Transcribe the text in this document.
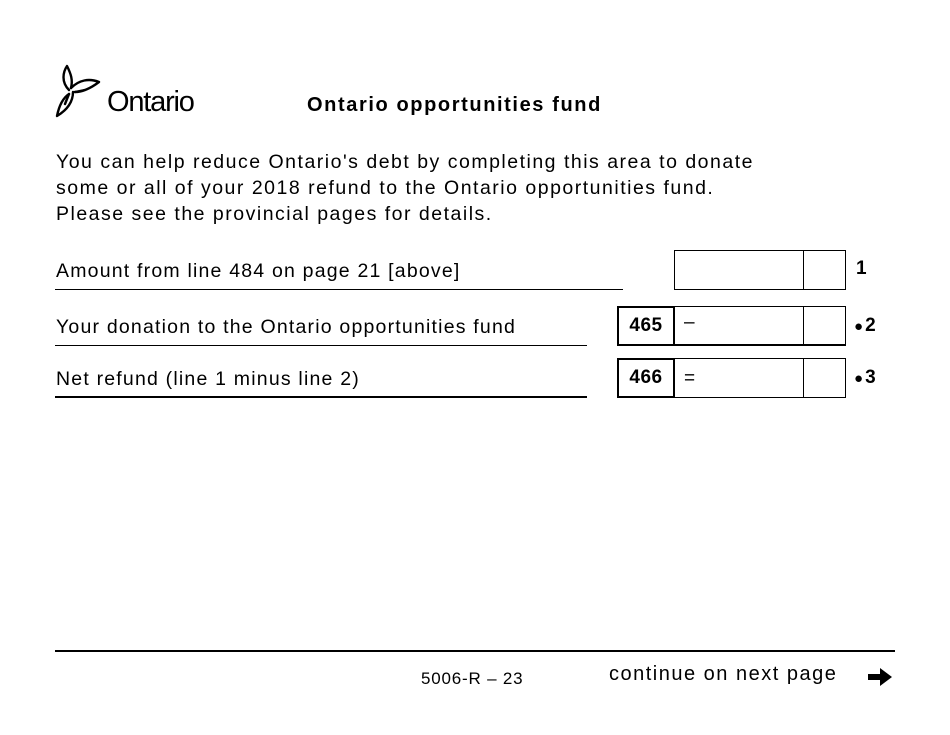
Ontario	Ontario opportunities fund
You can help reduce Ontario's debt by completing this area to donate
some or all of your 2018 refund to the Ontario opportunities fund.
Please see the provincial pages for details.
Amount from line 484 on page 21 [above]	1
Your donation to the Ontario opportunities fund	465	–	● 2
Net refund (line 1 minus line 2)	466	=	● 3
5006-R – 23	continue on next page
